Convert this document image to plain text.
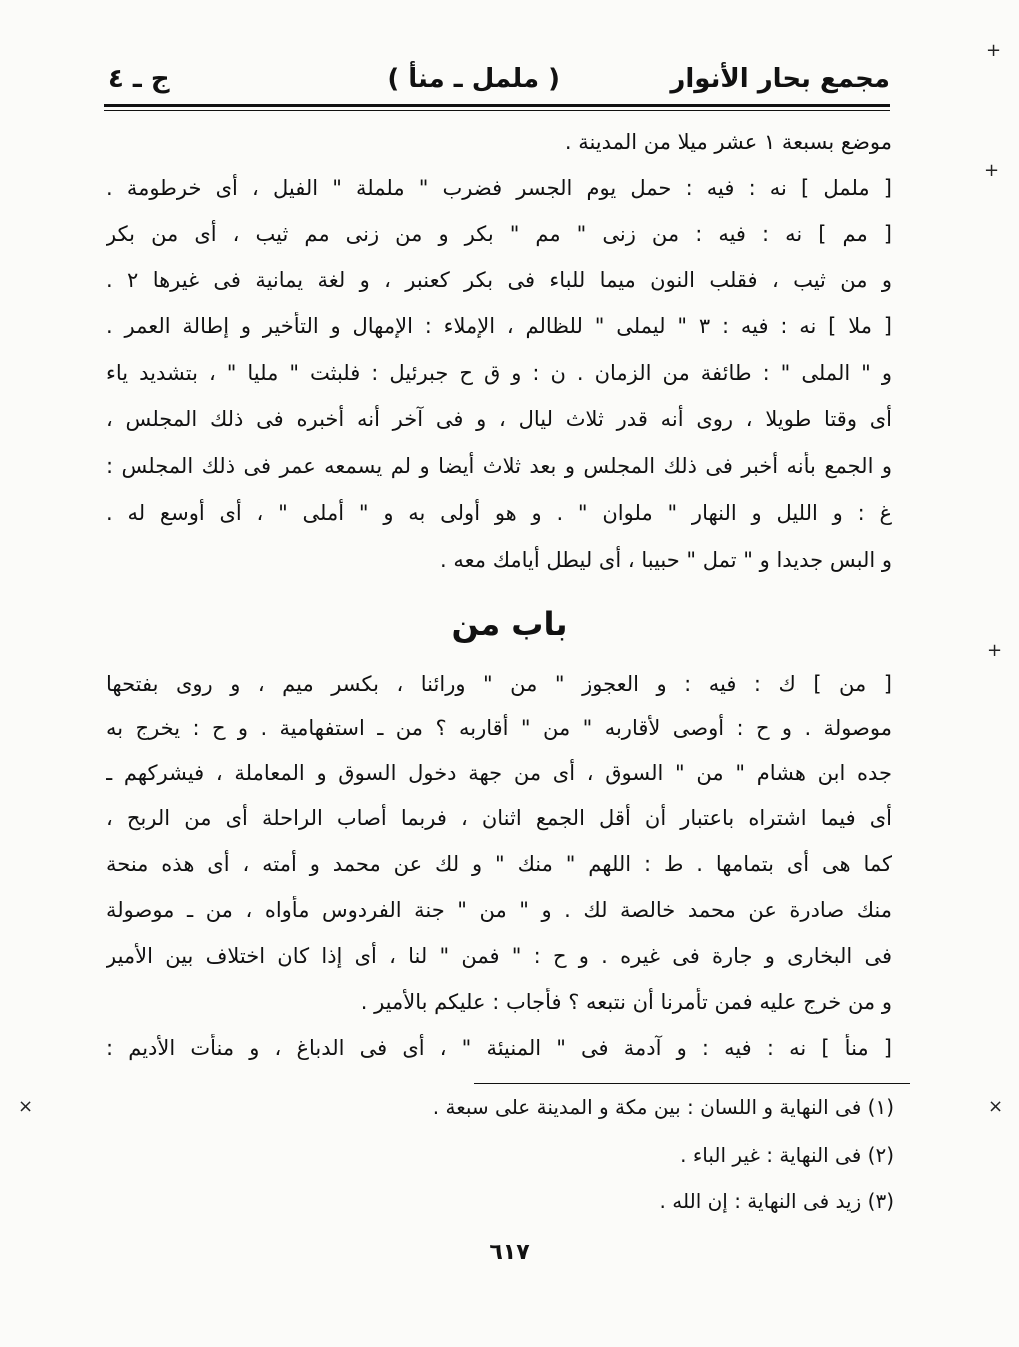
مجمع بحار الأنوار
( ململ ـ منأ )
ج ـ ٤
موضع بسبعة ١ عشر ميلا من المدينة .
[ ململ ] نه : فيه : حمل يوم الجسر فضرب " ململة " الفيل ، أى خرطومة .
[ مم ] نه : فيه : من زنى " مم " بكر و من زنى مم ثيب ، أى من بكر
و من ثيب ، فقلب النون ميما للباء فى بكر كعنبر ، و لغة يمانية فى غيرها ٢ .
[ ملا ] نه : فيه : ٣ " ليملى " للظالم ، الإملاء : الإمهال و التأخير و إطالة العمر .
و " الملى " : طائفة من الزمان . ن : و ق ح جبرئيل : فلبثت " مليا " ، بتشديد ياء
أى وقتا طويلا ، روى أنه قدر ثلاث ليال ، و فى آخر أنه أخبره فى ذلك المجلس ،
و الجمع بأنه أخبر فى ذلك المجلس و بعد ثلاث أيضا و لم يسمعه عمر فى ذلك المجلس :
غ : و الليل و النهار " ملوان " . و هو أولى به و " أملى " ، أى أوسع له .
و البس جديدا و " تمل " حبيبا ، أى ليطل أيامك معه .
باب من
[ من ] ك : فيه : و العجوز " من " ورائنا ، بكسر ميم ، و روى بفتحها
موصولة . و ح : أوصى لأقاربه " من " أقاربه ؟ من ـ استفهامية . و ح : يخرج به
جده ابن هشام " من " السوق ، أى من جهة دخول السوق و المعاملة ، فيشركهم ـ
أى فيما اشتراه باعتبار أن أقل الجمع اثنان ، فربما أصاب الراحلة أى من الربح ،
كما هى أى بتمامها . ط : اللهم " منك " و لك عن محمد و أمته ، أى هذه منحة
منك صادرة عن محمد خالصة لك . و " من " جنة الفردوس مأواه ، من ـ موصولة
فى البخارى و جارة فى غيره . و ح : " فمن " لنا ، أى إذا كان اختلاف بين الأمير
و من خرج عليه فمن تأمرنا أن نتبعه ؟ فأجاب : عليكم بالأمير .
[ منأ ] نه : فيه : و آدمة فى " المنيئة " ، أى فى الدباغ ، و منأت الأديم :
(١) فى النهاية و اللسان : بين مكة و المدينة على سبعة .
(٢) فى النهاية : غير الباء .
(٣) زيد فى النهاية : إن الله .
٦١٧
+
+
+
×
×
